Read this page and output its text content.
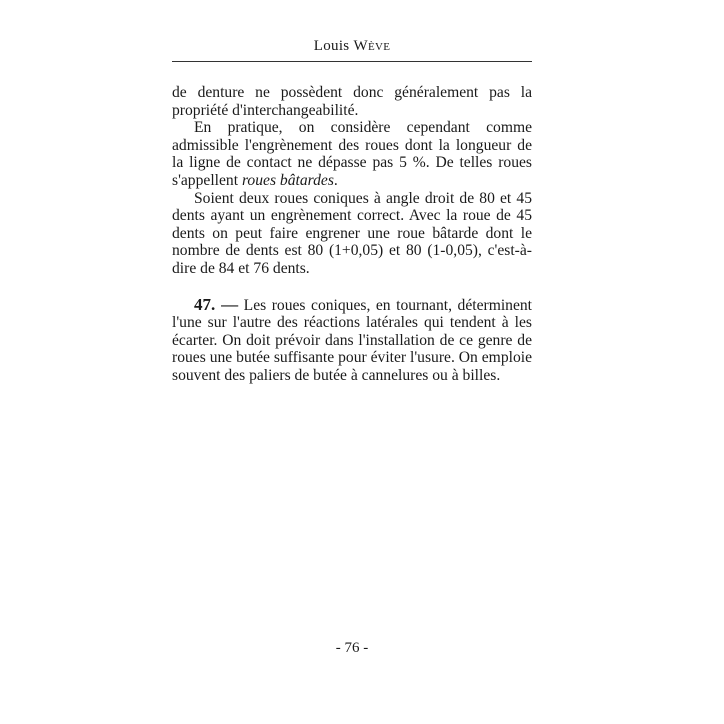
Louis Wève

de denture ne possèdent donc généralement pas la propriété d'interchangeabilité.

En pratique, on considère cependant comme admissible l'engrènement des roues dont la longueur de la ligne de contact ne dépasse pas 5 %. De telles roues s'appellent roues bâtardes.

Soient deux roues coniques à angle droit de 80 et 45 dents ayant un engrènement correct. Avec la roue de 45 dents on peut faire engrener une roue bâtarde dont le nombre de dents est 80 (1+0,05) et 80 (1-0,05), c'est-à-dire de 84 et 76 dents.

47. — Les roues coniques, en tournant, déterminent l'une sur l'autre des réactions latérales qui tendent à les écarter. On doit prévoir dans l'installation de ce genre de roues une butée suffisante pour éviter l'usure. On emploie souvent des paliers de butée à cannelures ou à billes.

- 76 -
